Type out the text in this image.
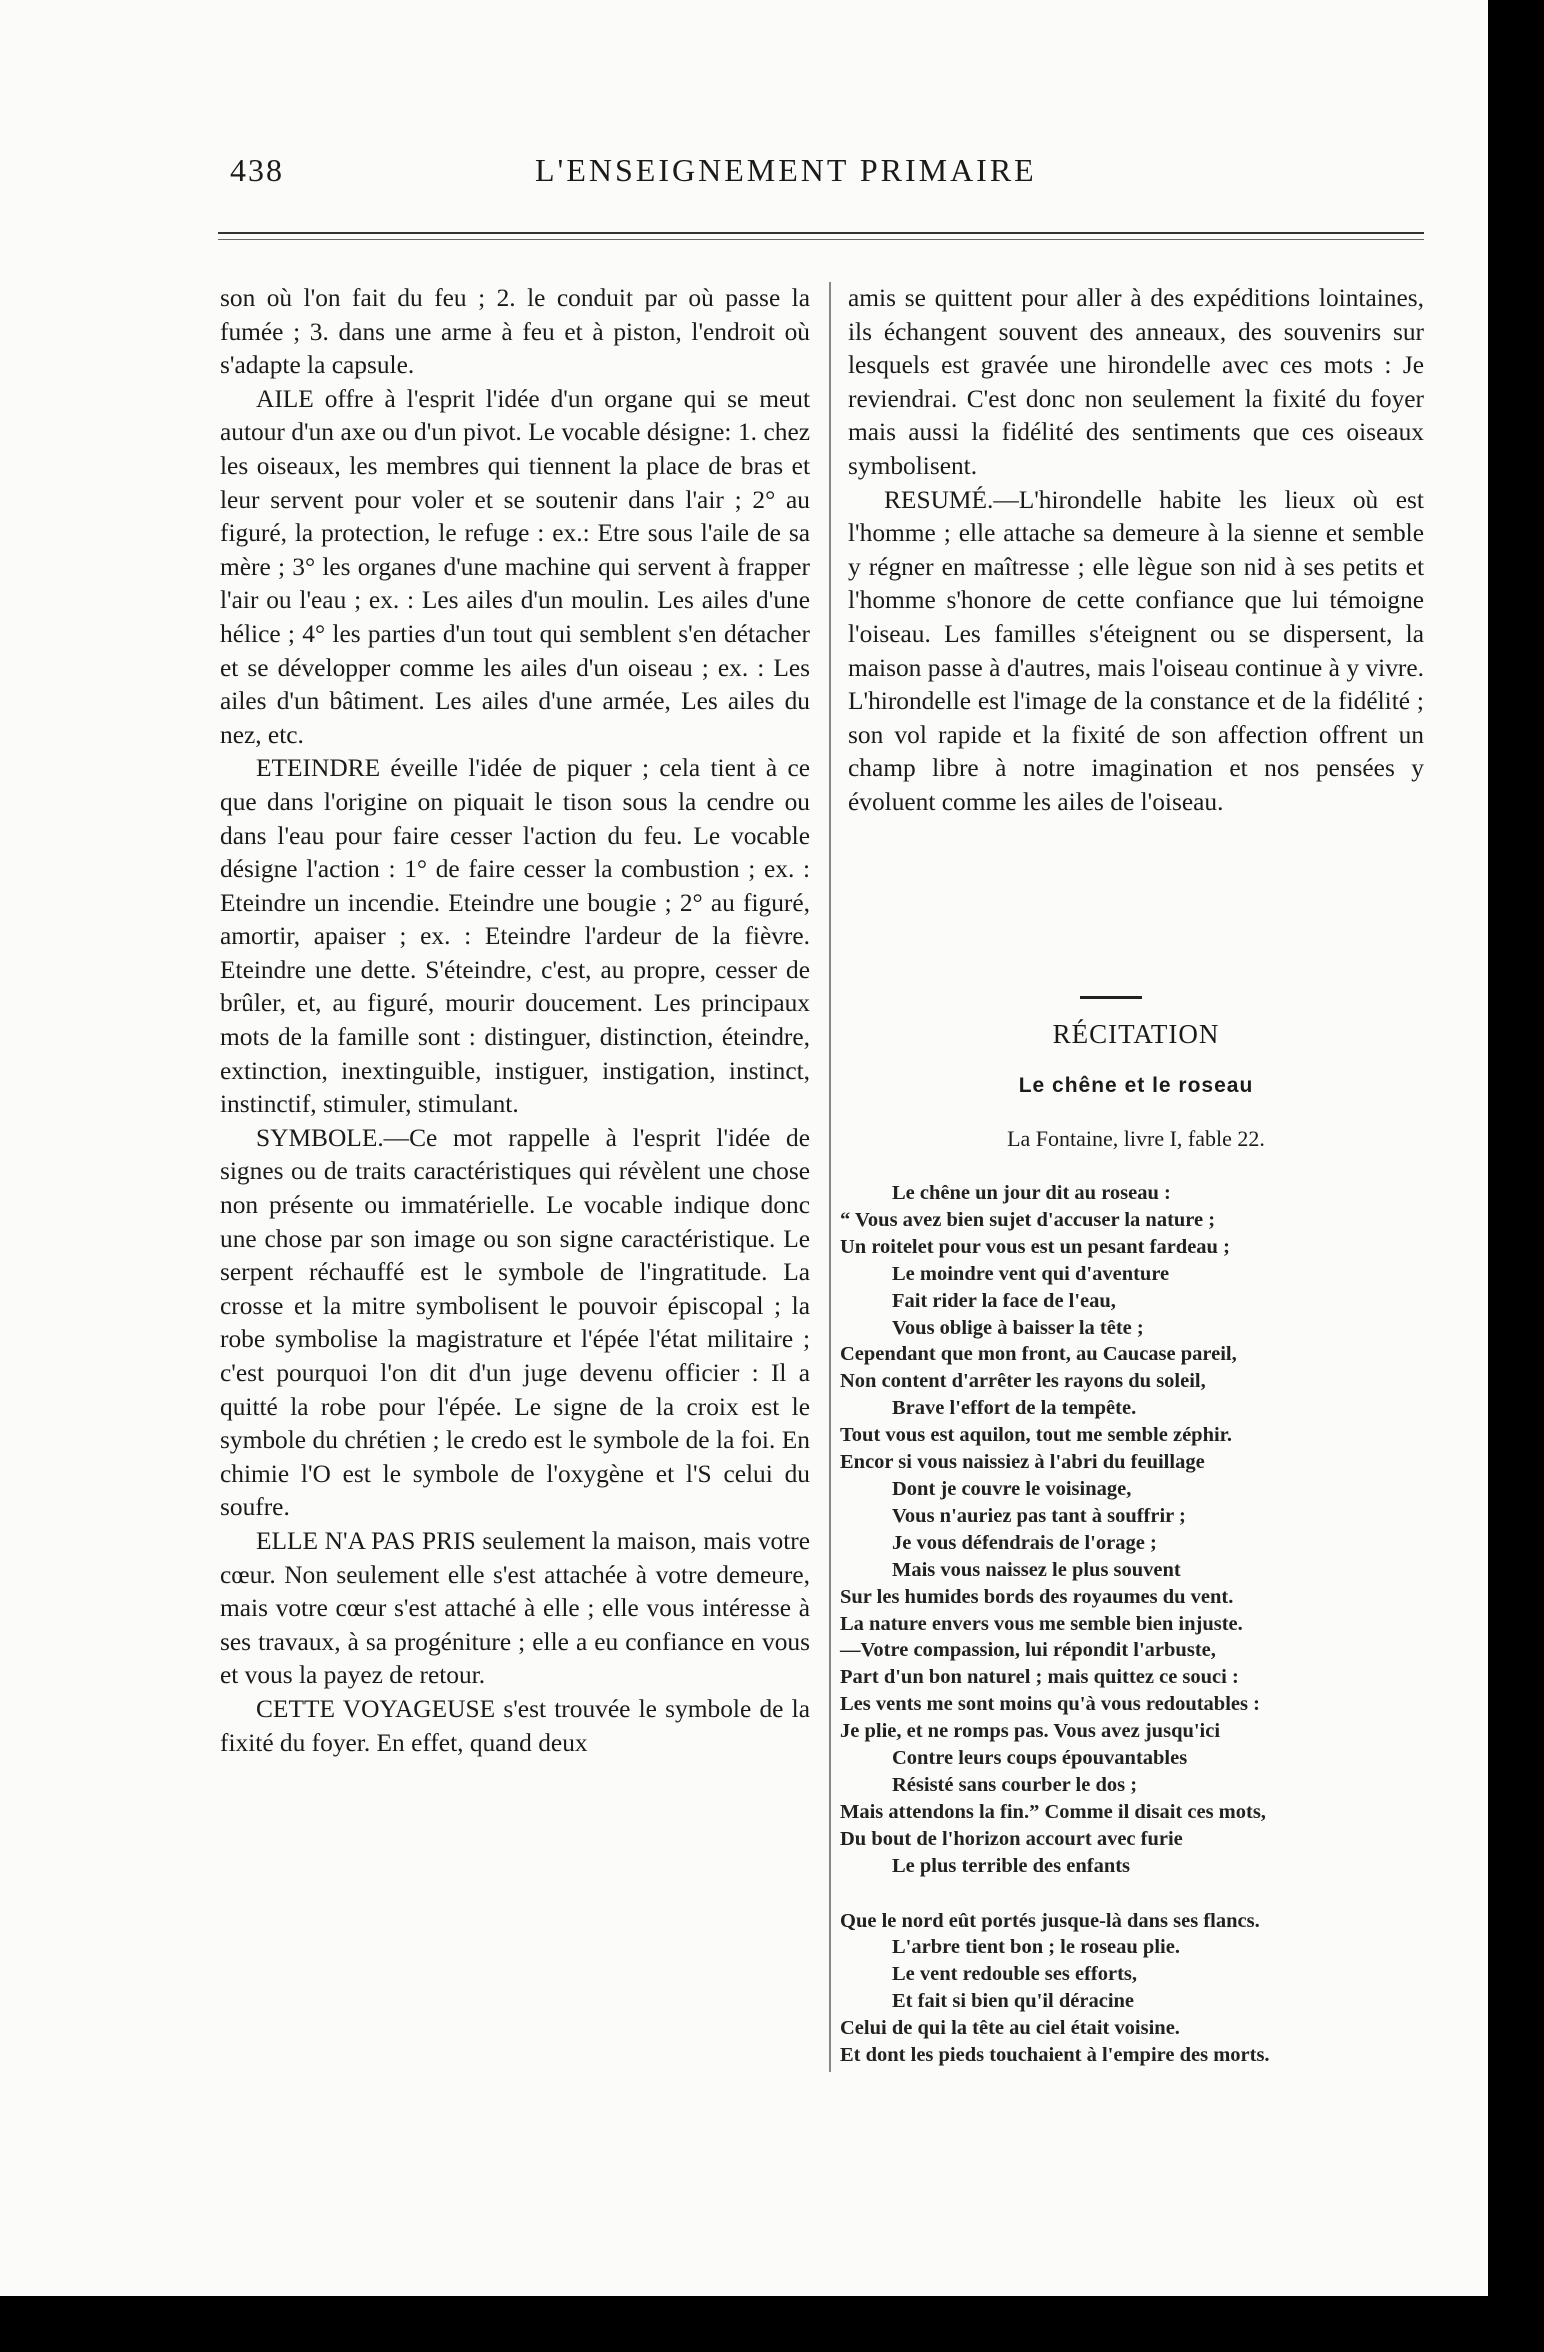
438	L'ENSEIGNEMENT PRIMAIRE

son où l'on fait du feu ; 2. le conduit par où passe la fumée ; 3. dans une arme à feu et à piston, l'endroit où s'adapte la capsule.

AILE offre à l'esprit l'idée d'un organe qui se meut autour d'un axe ou d'un pivot. Le vocable désigne: 1. chez les oiseaux, les membres qui tiennent la place de bras et leur servent pour voler et se soutenir dans l'air ; 2° au figuré, la protection, le refuge : ex.: Etre sous l'aile de sa mère ; 3° les organes d'une machine qui servent à frapper l'air ou l'eau ; ex. : Les ailes d'un moulin. Les ailes d'une hélice ; 4° les parties d'un tout qui semblent s'en détacher et se développer comme les ailes d'un oiseau ; ex. : Les ailes d'un bâtiment. Les ailes d'une armée, Les ailes du nez, etc.

ETEINDRE éveille l'idée de piquer ; cela tient à ce que dans l'origine on piquait le tison sous la cendre ou dans l'eau pour faire cesser l'action du feu. Le vocable désigne l'action : 1° de faire cesser la combustion ; ex. : Eteindre un incendie. Eteindre une bougie ; 2° au figuré, amortir, apaiser ; ex. : Eteindre l'ardeur de la fièvre. Eteindre une dette. S'éteindre, c'est, au propre, cesser de brûler, et, au figuré, mourir doucement. Les principaux mots de la famille sont : distinguer, distinction, éteindre, extinction, inextinguible, instiguer, instigation, instinct, instinctif, stimuler, stimulant.

SYMBOLE.—Ce mot rappelle à l'esprit l'idée de signes ou de traits caractéristiques qui révèlent une chose non présente ou immatérielle. Le vocable indique donc une chose par son image ou son signe caractéristique. Le serpent réchauffé est le symbole de l'ingratitude. La crosse et la mitre symbolisent le pouvoir épiscopal ; la robe symbolise la magistrature et l'épée l'état militaire ; c'est pourquoi l'on dit d'un juge devenu officier : Il a quitté la robe pour l'épée. Le signe de la croix est le symbole du chrétien ; le credo est le symbole de la foi. En chimie l'O est le symbole de l'oxygène et l'S celui du soufre.

ELLE N'A PAS PRIS seulement la maison, mais votre cœur. Non seulement elle s'est attachée à votre demeure, mais votre cœur s'est attaché à elle ; elle vous intéresse à ses travaux, à sa progéniture ; elle a eu confiance en vous et vous la payez de retour.

CETTE VOYAGEUSE s'est trouvée le symbole de la fixité du foyer. En effet, quand deux

amis se quittent pour aller à des expéditions lointaines, ils échangent souvent des anneaux, des souvenirs sur lesquels est gravée une hirondelle avec ces mots : Je reviendrai. C'est donc non seulement la fixité du foyer mais aussi la fidélité des sentiments que ces oiseaux symbolisent.

RESUMÉ.—L'hirondelle habite les lieux où est l'homme ; elle attache sa demeure à la sienne et semble y régner en maîtresse ; elle lègue son nid à ses petits et l'homme s'honore de cette confiance que lui témoigne l'oiseau. Les familles s'éteignent ou se dispersent, la maison passe à d'autres, mais l'oiseau continue à y vivre. L'hirondelle est l'image de la constance et de la fidélité ; son vol rapide et la fixité de son affection offrent un champ libre à notre imagination et nos pensées y évoluent comme les ailes de l'oiseau.

RÉCITATION
Le chêne et le roseau
La Fontaine, livre I, fable 22.
Le chêne un jour dit au roseau :
“ Vous avez bien sujet d'accuser la nature ;
Un roitelet pour vous est un pesant fardeau ;
Le moindre vent qui d'aventure
Fait rider la face de l'eau,
Vous oblige à baisser la tête ;
Cependant que mon front, au Caucase pareil,
Non content d'arrêter les rayons du soleil,
Brave l'effort de la tempête.
Tout vous est aquilon, tout me semble zéphir.
Encor si vous naissiez à l'abri du feuillage
Dont je couvre le voisinage,
Vous n'auriez pas tant à souffrir ;
Je vous défendrais de l'orage ;
Mais vous naissez le plus souvent
Sur les humides bords des royaumes du vent.
La nature envers vous me semble bien injuste.
—Votre compassion, lui répondit l'arbuste,
Part d'un bon naturel ; mais quittez ce souci :
Les vents me sont moins qu'à vous redoutables :
Je plie, et ne romps pas. Vous avez jusqu'ici
Contre leurs coups épouvantables
Résisté sans courber le dos ;
Mais attendons la fin.” Comme il disait ces mots,
Du bout de l'horizon accourt avec furie
Le plus terrible des enfants
Que le nord eût portés jusque-là dans ses flancs.
L'arbre tient bon ; le roseau plie.
Le vent redouble ses efforts,
Et fait si bien qu'il déracine
Celui de qui la tête au ciel était voisine.
Et dont les pieds touchaient à l'empire des morts.
